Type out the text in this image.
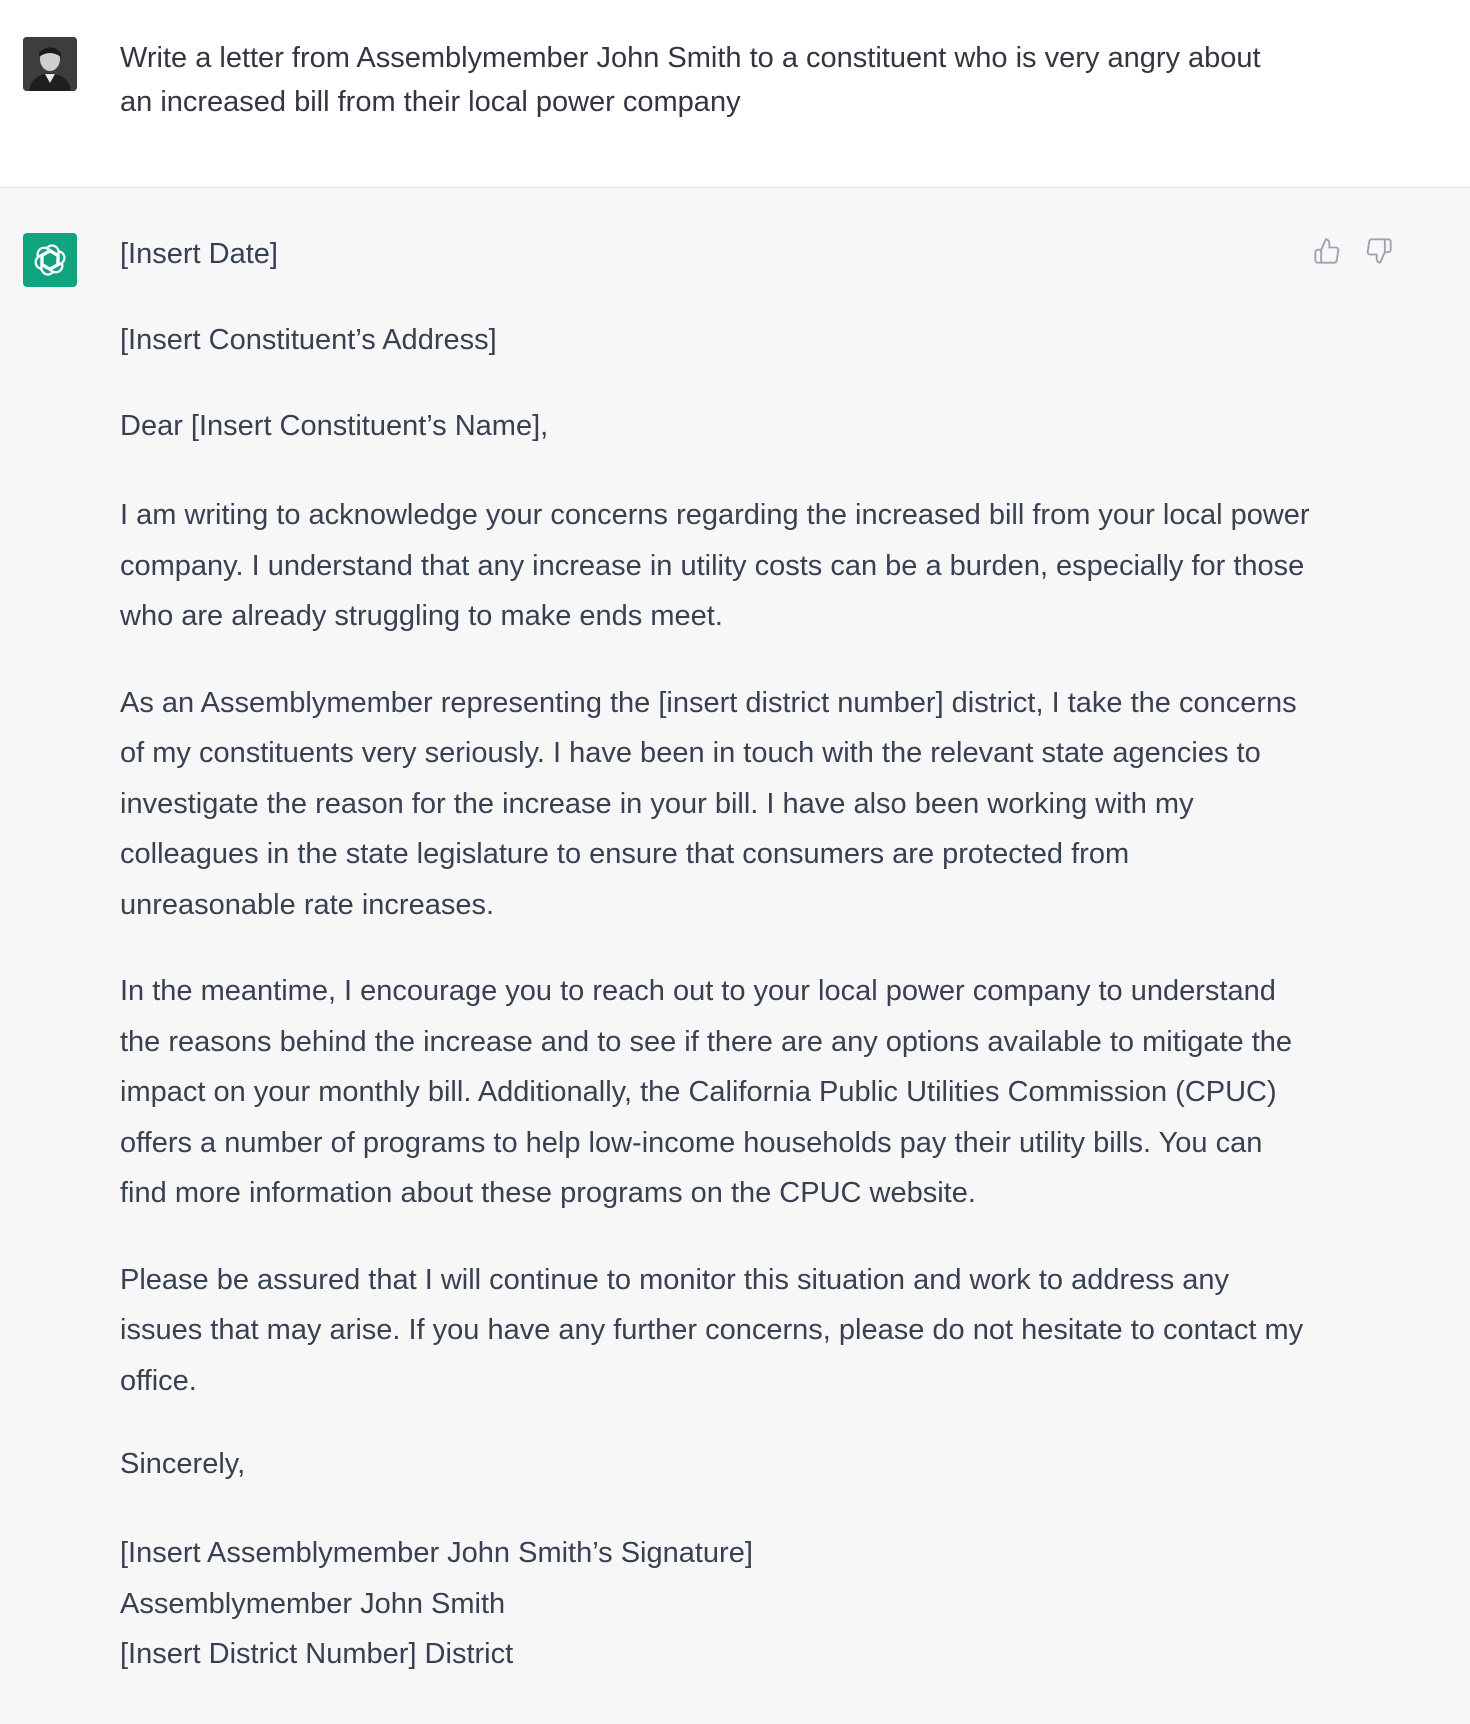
Write a letter from Assemblymember John Smith to a constituent who is very angry about an increased bill from their local power company

[Insert Date]

[Insert Constituent’s Address]

Dear [Insert Constituent’s Name],

I am writing to acknowledge your concerns regarding the increased bill from your local power company. I understand that any increase in utility costs can be a burden, especially for those who are already struggling to make ends meet.

As an Assemblymember representing the [insert district number] district, I take the concerns of my constituents very seriously. I have been in touch with the relevant state agencies to investigate the reason for the increase in your bill. I have also been working with my colleagues in the state legislature to ensure that consumers are protected from unreasonable rate increases.

In the meantime, I encourage you to reach out to your local power company to understand the reasons behind the increase and to see if there are any options available to mitigate the impact on your monthly bill. Additionally, the California Public Utilities Commission (CPUC) offers a number of programs to help low-income households pay their utility bills. You can find more information about these programs on the CPUC website.

Please be assured that I will continue to monitor this situation and work to address any issues that may arise. If you have any further concerns, please do not hesitate to contact my office.

Sincerely,

[Insert Assemblymember John Smith’s Signature]
Assemblymember John Smith
[Insert District Number] District
